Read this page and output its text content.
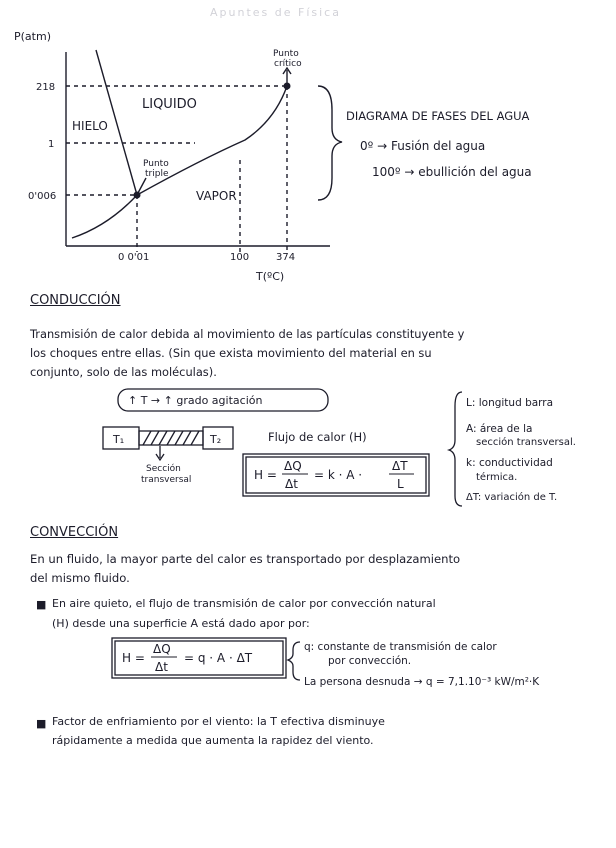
Apuntes de Física
P(atm)
218
1
0'006
0 0'01	100	374
T(ºC)
HIELO
LIQUIDO
VAPOR
Punto
triple
Punto
crítico
DIAGRAMA DE FASES DEL AGUA
0º → Fusión del agua
100º → ebullición del agua
CONDUCCIÓN
Transmisión de calor debida al movimiento de las partículas constituyente y
los choques entre ellas. (Sin que exista movimiento del material en su
conjunto, solo de las moléculas).
↑ T → ↑ grado agitación
T₁	T₂
Sección
transversal
Flujo de calor (H)
H =
ΔQ
Δt
= k · A ·
ΔT
L
L: longitud barra
A: área de la
sección transversal.
k: conductividad
térmica.
ΔT: variación de T.
CONVECCIÓN
En un fluido, la mayor parte del calor es transportado por desplazamiento
del mismo fluido.
■ En aire quieto, el flujo de transmisión de calor por convección natural
(H) desde una superficie A está dado apor por:
H =
ΔQ
Δt
= q · A · ΔT
q: constante de transmisión de calor
por convección.
La persona desnuda → q = 7,1.10⁻³ kW/m²·K
■ Factor de enfriamiento por el viento: la T efectiva disminuye
rápidamente a medida que aumenta la rapidez del viento.
